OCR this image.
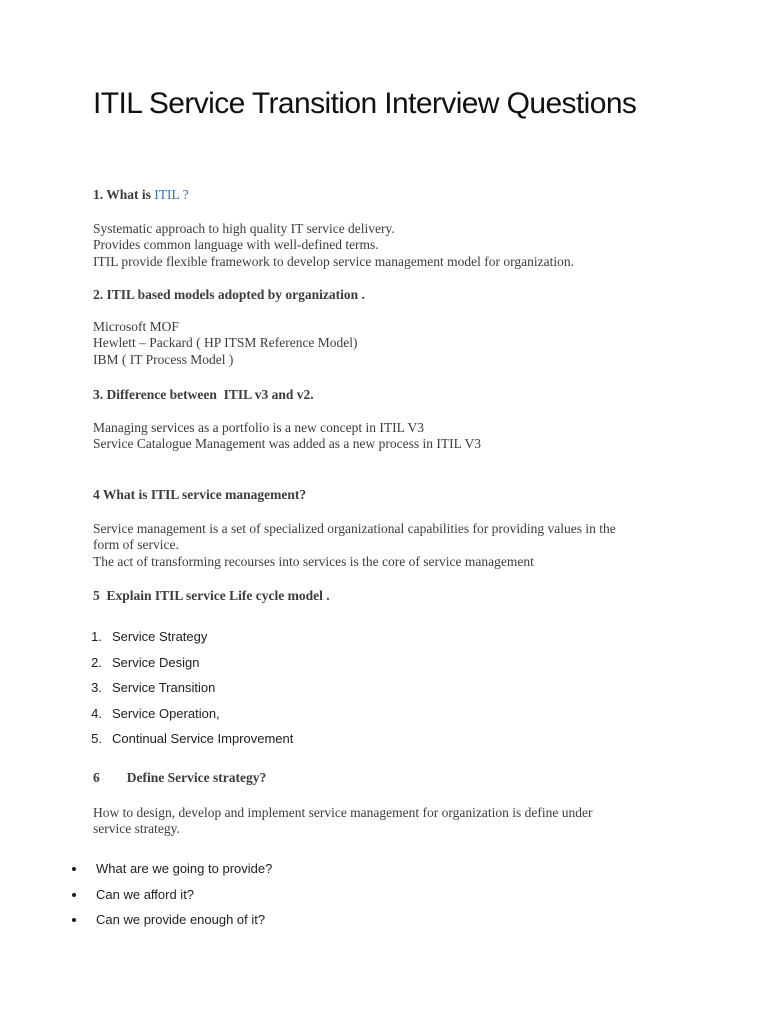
ITIL Service Transition Interview Questions

1. What is ITIL ?

Systematic approach to high quality IT service delivery.
Provides common language with well-defined terms.
ITIL provide flexible framework to develop service management model for organization.

2. ITIL based models adopted by organization .

Microsoft MOF
Hewlett – Packard ( HP ITSM Reference Model)
IBM ( IT Process Model )

3. Difference between  ITIL v3 and v2.

Managing services as a portfolio is a new concept in ITIL V3
Service Catalogue Management was added as a new process in ITIL V3

4 What is ITIL service management?

Service management is a set of specialized organizational capabilities for providing values in the
form of service.
The act of transforming recourses into services is the core of service management

5  Explain ITIL service Life cycle model .

1. Service Strategy
2. Service Design
3. Service Transition
4. Service Operation,
5. Continual Service Improvement

6        Define Service strategy?

How to design, develop and implement service management for organization is define under
service strategy.

What are we going to provide?
Can we afford it?
Can we provide enough of it?
